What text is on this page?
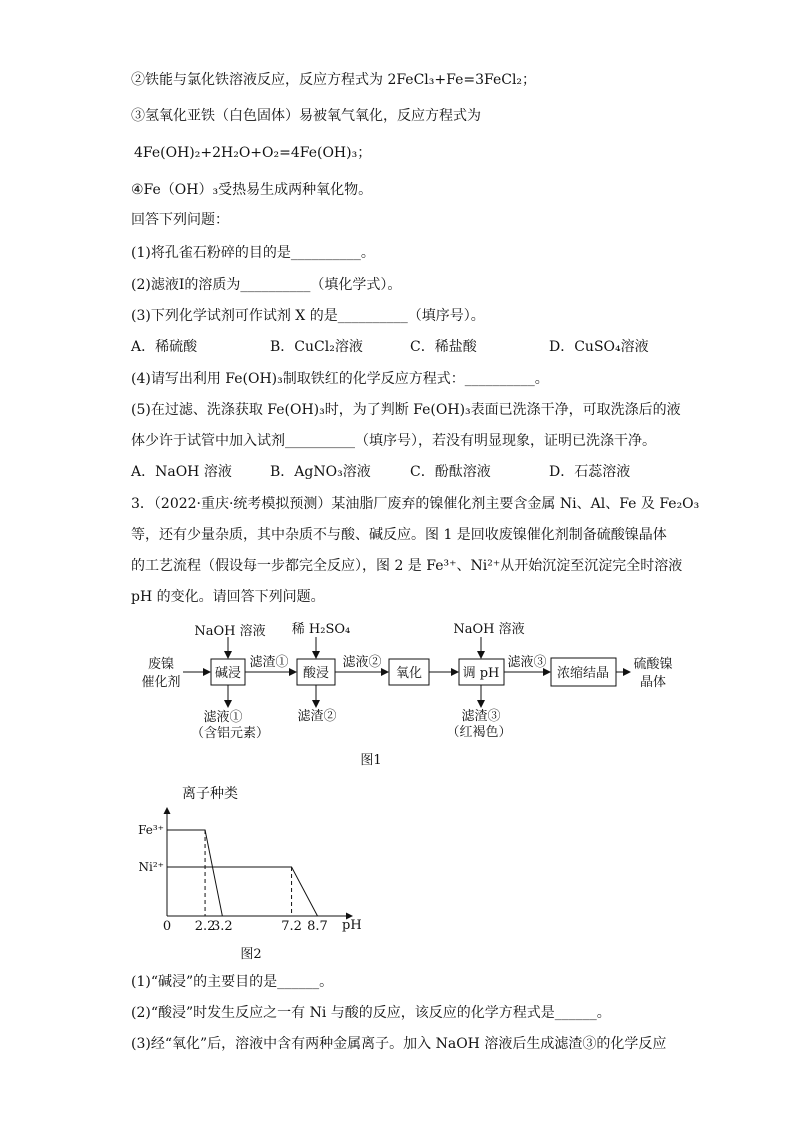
②铁能与氯化铁溶液反应，反应方程式为 2FeCl₃+Fe=3FeCl₂；
③氢氧化亚铁（白色固体）易被氧气氧化，反应方程式为
4Fe(OH)₂+2H₂O+O₂=4Fe(OH)₃；
④Fe（OH）₃受热易生成两种氧化物。
回答下列问题：
(1)将孔雀石粉碎的目的是__________。
(2)滤液Ⅰ的溶质为__________（填化学式）。
(3)下列化学试剂可作试剂 X 的是__________（填序号）。
A．稀硫酸	B．CuCl₂溶液	C．稀盐酸	D．CuSO₄溶液
(4)请写出利用 Fe(OH)₃制取铁红的化学反应方程式：__________。
(5)在过滤、洗涤获取 Fe(OH)₃时，为了判断 Fe(OH)₃表面已洗涤干净，可取洗涤后的液
体少许于试管中加入试剂__________（填序号），若没有明显现象，证明已洗涤干净。
A．NaOH 溶液	B．AgNO₃溶液	C．酚酞溶液	D．石蕊溶液
3．（2022·重庆·统考模拟预测）某油脂厂废弃的镍催化剂主要含金属 Ni、Al、Fe 及 Fe₂O₃
等，还有少量杂质，其中杂质不与酸、碱反应。图 1 是回收废镍催化剂制备硫酸镍晶体
的工艺流程（假设每一步都完全反应），图 2 是 Fe³⁺、Ni²⁺从开始沉淀至沉淀完全时溶液
pH 的变化。请回答下列问题。
废镍
催化剂
碱浸	酸浸	氧化	调 pH	浓缩结晶
硫酸镍
晶体
NaOH 溶液 稀 H₂SO₄	NaOH 溶液
滤渣①	滤液②	滤液③
滤液①
（含铝元素）
滤渣②	滤渣③
（红褐色）
图1
离子种类
pH
Fe³⁺
Ni²⁺
0 2.2
3.2	7.2 8.7
图2
(1)“碱浸”的主要目的是______。
(2)“酸浸”时发生反应之一有 Ni 与酸的反应，该反应的化学方程式是______。
(3)经“氧化”后，溶液中含有两种金属离子。加入 NaOH 溶液后生成滤渣③的化学反应
